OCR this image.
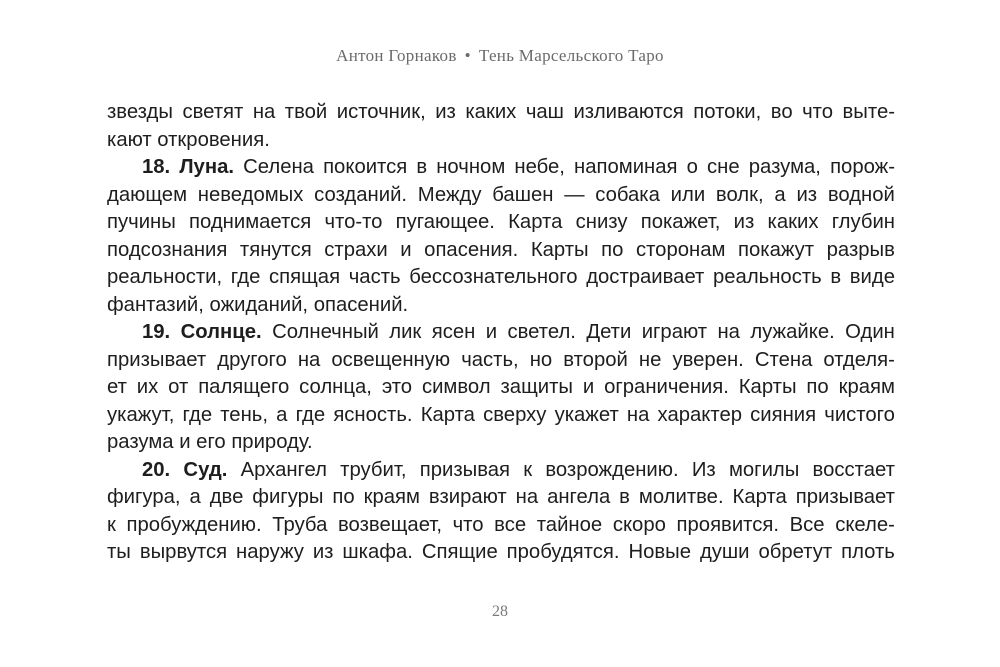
Антон Горнаков • Тень Марсельского Таро
звезды светят на твой источник, из каких чаш изливаются потоки, во что выте-
кают откровения.
18. Луна. Селена покоится в ночном небе, напоминая о сне разума, порож-
дающем неведомых созданий. Между башен — собака или волк, а из водной
пучины поднимается что-то пугающее. Карта снизу покажет, из каких глубин
подсознания тянутся страхи и опасения. Карты по сторонам покажут разрыв
реальности, где спящая часть бессознательного достраивает реальность в виде
фантазий, ожиданий, опасений.
19. Солнце. Солнечный лик ясен и светел. Дети играют на лужайке. Один
призывает другого на освещенную часть, но второй не уверен. Стена отделя-
ет их от палящего солнца, это символ защиты и ограничения. Карты по краям
укажут, где тень, а где ясность. Карта сверху укажет на характер сияния чистого
разума и его природу.
20. Суд. Архангел трубит, призывая к возрождению. Из могилы восстает
фигура, а две фигуры по краям взирают на ангела в молитве. Карта призывает
к пробуждению. Труба возвещает, что все тайное скоро проявится. Все скеле-
ты вырвутся наружу из шкафа. Спящие пробудятся. Новые души обретут плоть
28
